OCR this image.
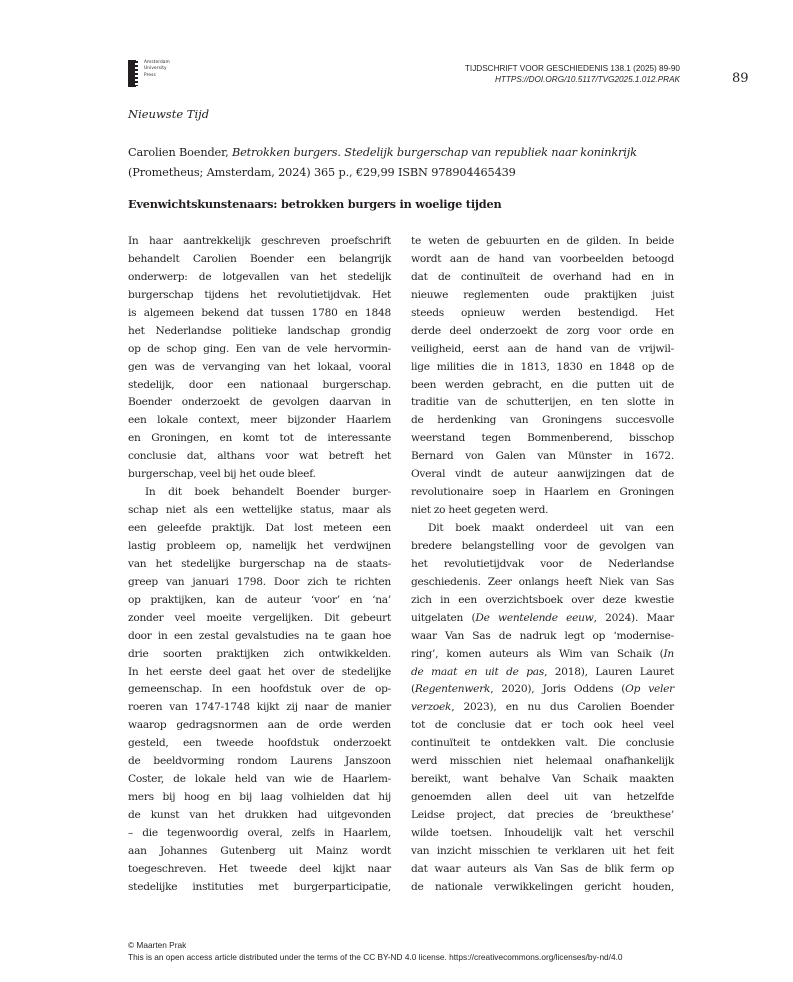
Amsterdam
University
Press
TIJDSCHRIFT VOOR GESCHIEDENIS 138.1 (2025) 89-90
HTTPS://DOI.ORG/10.5117/TVG2025.1.012.PRAK	89
Nieuwste Tijd
Carolien Boender, Betrokken burgers. Stedelijk burgerschap van republiek naar koninkrijk
(Prometheus; Amsterdam, 2024) 365 p., €29,99 ISBN 978904465439
Evenwichtskunstenaars: betrokken burgers in woelige tijden
In haar aantrekkelijk geschreven proefschrift
behandelt Carolien Boender een belangrijk
onderwerp: de lotgevallen van het stedelijk
burgerschap tijdens het revolutietijdvak. Het
is algemeen bekend dat tussen 1780 en 1848
het Nederlandse politieke landschap grondig
op de schop ging. Een van de vele hervormin-
gen was de vervanging van het lokaal, vooral
stedelijk, door een nationaal burgerschap.
Boender onderzoekt de gevolgen daarvan in
een lokale context, meer bijzonder Haarlem
en Groningen, en komt tot de interessante
conclusie dat, althans voor wat betreft het
burgerschap, veel bij het oude bleef.
In dit boek behandelt Boender burger-
schap niet als een wettelijke status, maar als
een geleefde praktijk. Dat lost meteen een
lastig probleem op, namelijk het verdwijnen
van het stedelijke burgerschap na de staats-
greep van januari 1798. Door zich te richten
op praktijken, kan de auteur ‘voor’ en ‘na’
zonder veel moeite vergelijken. Dit gebeurt
door in een zestal gevalstudies na te gaan hoe
drie soorten praktijken zich ontwikkelden.
In het eerste deel gaat het over de stedelijke
gemeenschap. In een hoofdstuk over de op-
roeren van 1747-1748 kijkt zij naar de manier
waarop gedragsnormen aan de orde werden
gesteld, een tweede hoofdstuk onderzoekt
de beeldvorming rondom Laurens Janszoon
Coster, de lokale held van wie de Haarlem-
mers bij hoog en bij laag volhielden dat hij
de kunst van het drukken had uitgevonden
– die tegenwoordig overal, zelfs in Haarlem,
aan Johannes Gutenberg uit Mainz wordt
toegeschreven. Het tweede deel kijkt naar
stedelijke instituties met burgerparticipatie,
te weten de gebuurten en de gilden. In beide
wordt aan de hand van voorbeelden betoogd
dat de continuïteit de overhand had en in
nieuwe reglementen oude praktijken juist
steeds opnieuw werden bestendigd. Het
derde deel onderzoekt de zorg voor orde en
veiligheid, eerst aan de hand van de vrijwil-
lige milities die in 1813, 1830 en 1848 op de
been werden gebracht, en die putten uit de
traditie van de schutterijen, en ten slotte in
de herdenking van Groningens succesvolle
weerstand tegen Bommenberend, bisschop
Bernard von Galen van Münster in 1672.
Overal vindt de auteur aanwijzingen dat de
revolutionaire soep in Haarlem en Groningen
niet zo heet gegeten werd.
Dit boek maakt onderdeel uit van een
bredere belangstelling voor de gevolgen van
het revolutietijdvak voor de Nederlandse
geschiedenis. Zeer onlangs heeft Niek van Sas
zich in een overzichtsboek over deze kwestie
uitgelaten (De wentelende eeuw, 2024). Maar
waar Van Sas de nadruk legt op ‘modernise-
ring’, komen auteurs als Wim van Schaik (In
de maat en uit de pas, 2018), Lauren Lauret
(Regentenwerk, 2020), Joris Oddens (Op veler
verzoek, 2023), en nu dus Carolien Boender
tot de conclusie dat er toch ook heel veel
continuïteit te ontdekken valt. Die conclusie
werd misschien niet helemaal onafhankelijk
bereikt, want behalve Van Schaik maakten
genoemden allen deel uit van hetzelfde
Leidse project, dat precies de ‘breukthese’
wilde toetsen. Inhoudelijk valt het verschil
van inzicht misschien te verklaren uit het feit
dat waar auteurs als Van Sas de blik ferm op
de nationale verwikkelingen gericht houden,
© Maarten Prak
This is an open access article distributed under the terms of the CC BY-ND 4.0 license. https://creativecommons.org/licenses/by-nd/4.0
